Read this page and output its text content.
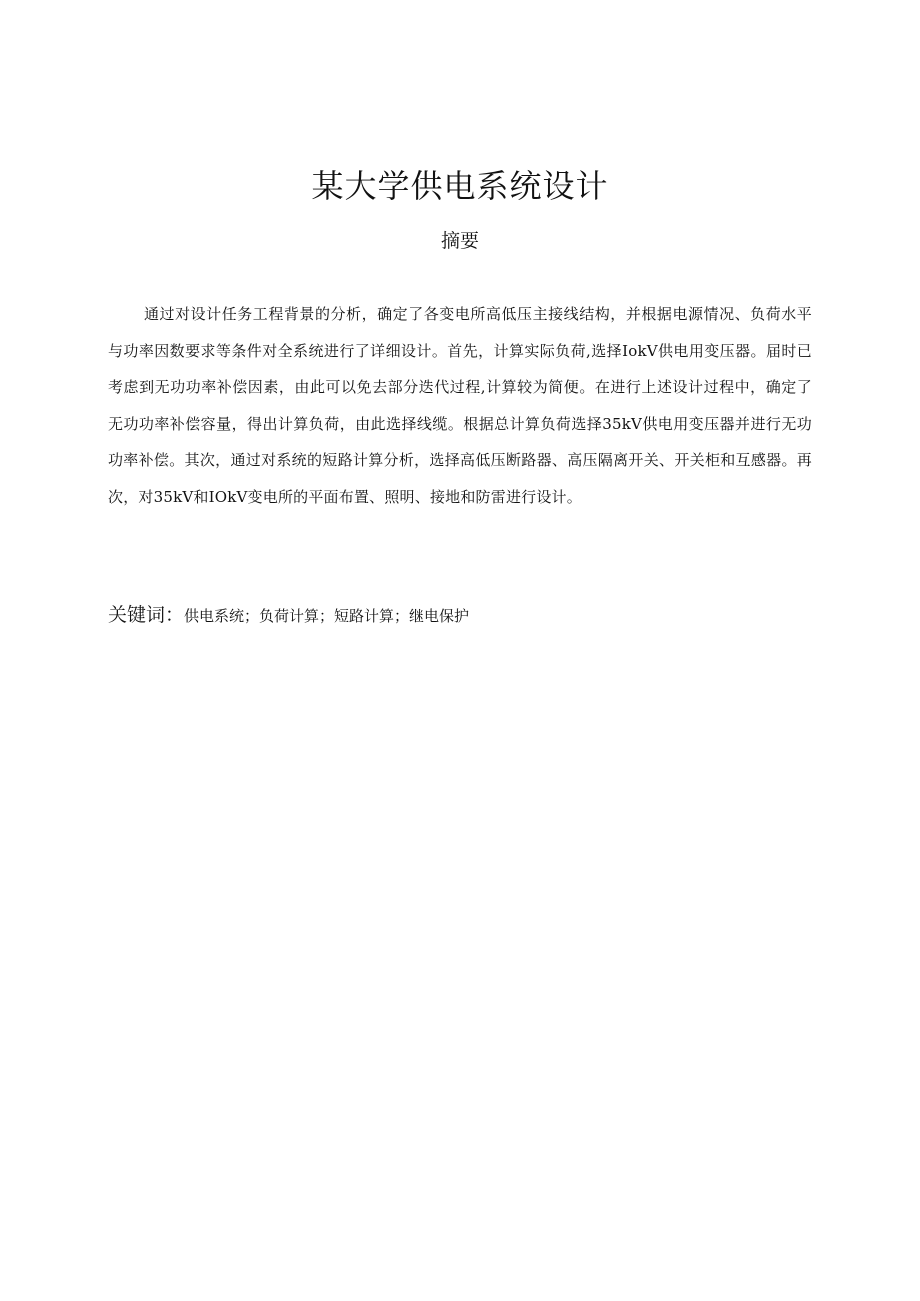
某大学供电系统设计
摘要

通过对设计任务工程背景的分析，确定了各变电所高低压主接线结构，并根据电源情况、负荷水平与功率因数要求等条件对全系统进行了详细设计。首先，计算实际负荷,选择IokV供电用变压器。届时已考虑到无功功率补偿因素，由此可以免去部分迭代过程,计算较为简便。在进行上述设计过程中，确定了无功功率补偿容量，得出计算负荷，由此选择线缆。根据总计算负荷选择35kV供电用变压器并进行无功功率补偿。其次，通过对系统的短路计算分析，选择高低压断路器、高压隔离开关、开关柜和互感器。再次，对35kV和IOkV变电所的平面布置、照明、接地和防雷进行设计。

关键词：供电系统；负荷计算；短路计算；继电保护
